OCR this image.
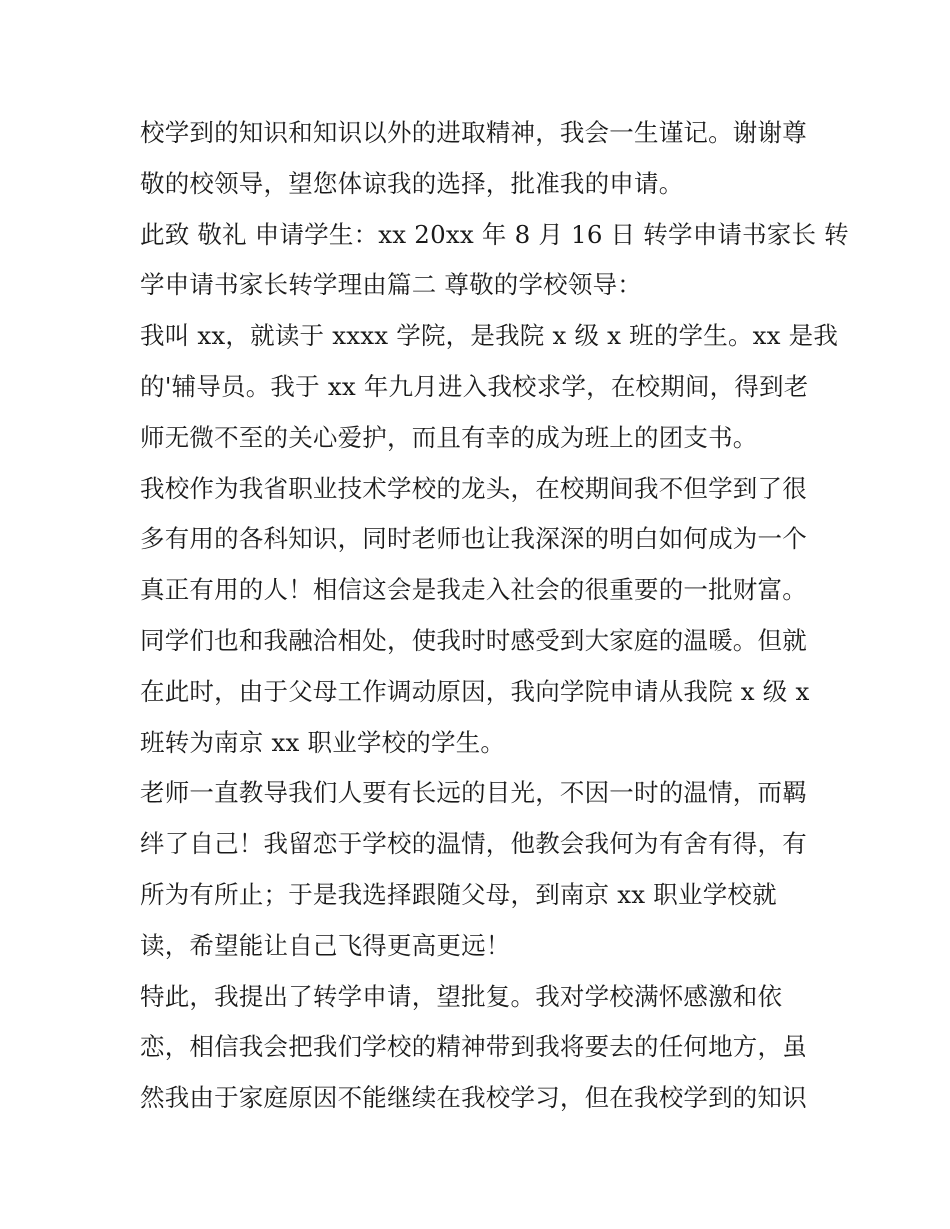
校学到的知识和知识以外的进取精神，我会一生谨记。谢谢尊
敬的校领导，望您体谅我的选择，批准我的申请。
此致 敬礼 申请学生：xx 20xx 年 8 月 16 日 转学申请书家长 转
学申请书家长转学理由篇二 尊敬的学校领导：
我叫 xx，就读于 xxxx 学院，是我院 x 级 x 班的学生。xx 是我
的'辅导员。我于 xx 年九月进入我校求学，在校期间，得到老
师无微不至的关心爱护，而且有幸的成为班上的团支书。
我校作为我省职业技术学校的龙头，在校期间我不但学到了很
多有用的各科知识，同时老师也让我深深的明白如何成为一个
真正有用的人！相信这会是我走入社会的很重要的一批财富。
同学们也和我融洽相处，使我时时感受到大家庭的温暖。但就
在此时，由于父母工作调动原因，我向学院申请从我院 x 级 x
班转为南京 xx 职业学校的学生。
老师一直教导我们人要有长远的目光，不因一时的温情，而羁
绊了自己！我留恋于学校的温情，他教会我何为有舍有得，有
所为有所止；于是我选择跟随父母，到南京 xx 职业学校就
读，希望能让自己飞得更高更远！
特此，我提出了转学申请，望批复。我对学校满怀感激和依
恋，相信我会把我们学校的精神带到我将要去的任何地方，虽
然我由于家庭原因不能继续在我校学习，但在我校学到的知识
